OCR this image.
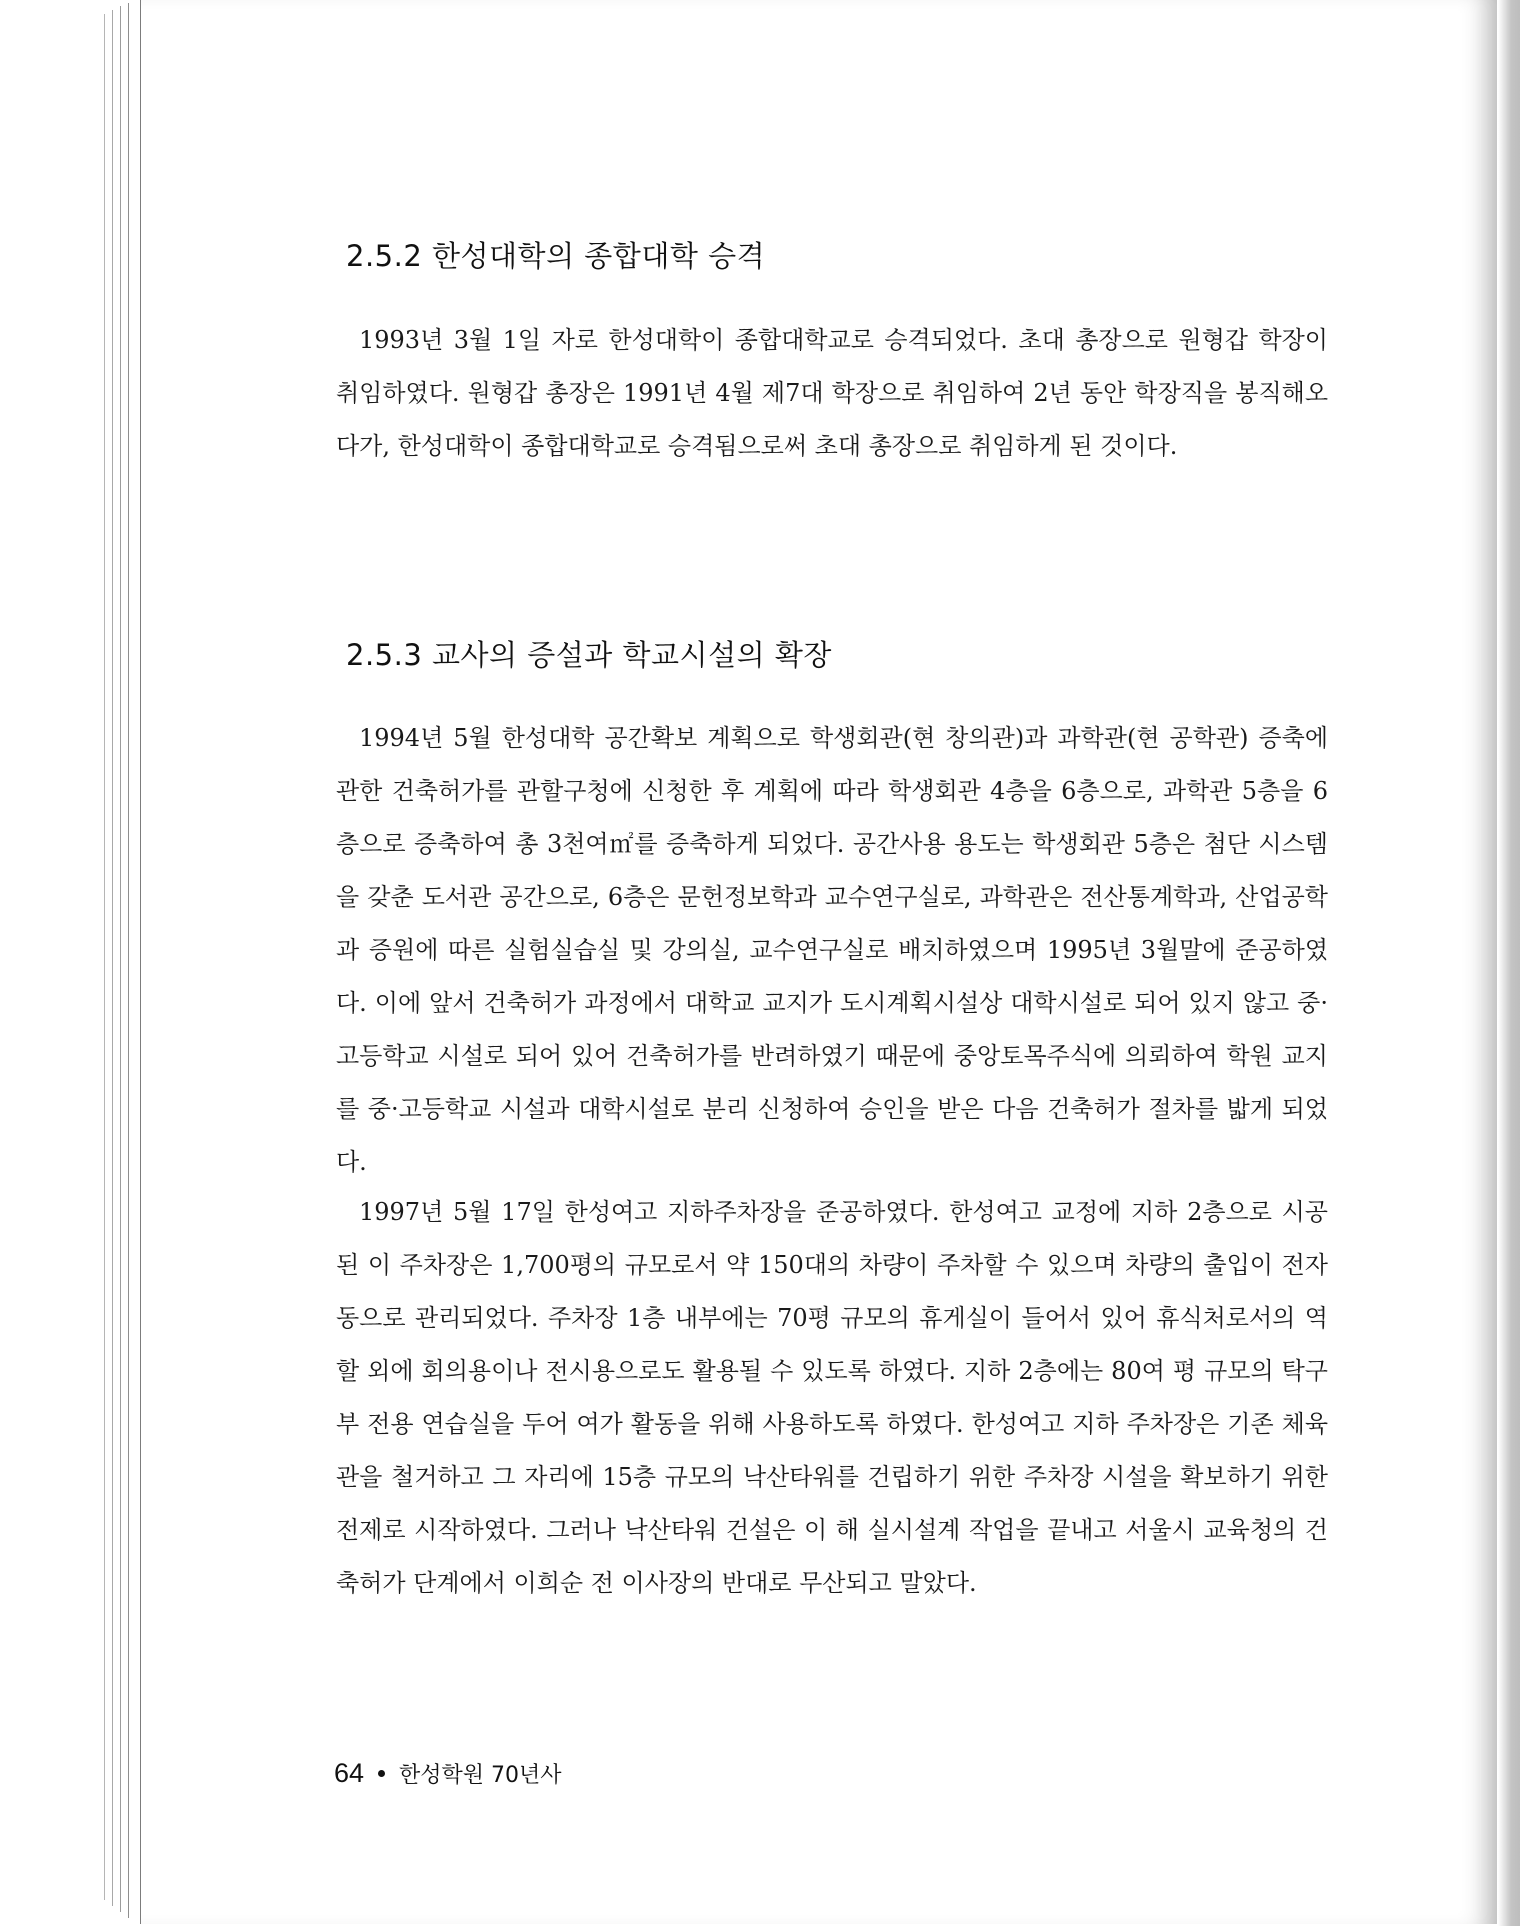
2.5.2 한성대학의 종합대학 승격

1993년 3월 1일 자로 한성대학이 종합대학교로 승격되었다. 초대 총장으로 원형갑 학장이 취임하였다. 원형갑 총장은 1991년 4월 제7대 학장으로 취임하여 2년 동안 학장직을 봉직해오다가, 한성대학이 종합대학교로 승격됨으로써 초대 총장으로 취임하게 된 것이다.

2.5.3 교사의 증설과 학교시설의 확장

1994년 5월 한성대학 공간확보 계획으로 학생회관(현 창의관)과 과학관(현 공학관) 증축에 관한 건축허가를 관할구청에 신청한 후 계획에 따라 학생회관 4층을 6층으로, 과학관 5층을 6층으로 증축하여 총 3천여㎡를 증축하게 되었다. 공간사용 용도는 학생회관 5층은 첨단 시스템을 갖춘 도서관 공간으로, 6층은 문헌정보학과 교수연구실로, 과학관은 전산통계학과, 산업공학과 증원에 따른 실험실습실 및 강의실, 교수연구실로 배치하였으며 1995년 3월말에 준공하였다. 이에 앞서 건축허가 과정에서 대학교 교지가 도시계획시설상 대학시설로 되어 있지 않고 중·고등학교 시설로 되어 있어 건축허가를 반려하였기 때문에 중앙토목주식에 의뢰하여 학원 교지를 중·고등학교 시설과 대학시설로 분리 신청하여 승인을 받은 다음 건축허가 절차를 밟게 되었다.

1997년 5월 17일 한성여고 지하주차장을 준공하였다. 한성여고 교정에 지하 2층으로 시공된 이 주차장은 1,700평의 규모로서 약 150대의 차량이 주차할 수 있으며 차량의 출입이 전자동으로 관리되었다. 주차장 1층 내부에는 70평 규모의 휴게실이 들어서 있어 휴식처로서의 역할 외에 회의용이나 전시용으로도 활용될 수 있도록 하였다. 지하 2층에는 80여 평 규모의 탁구부 전용 연습실을 두어 여가 활동을 위해 사용하도록 하였다. 한성여고 지하 주차장은 기존 체육관을 철거하고 그 자리에 15층 규모의 낙산타워를 건립하기 위한 주차장 시설을 확보하기 위한 전제로 시작하였다. 그러나 낙산타워 건설은 이 해 실시설계 작업을 끝내고 서울시 교육청의 건축허가 단계에서 이희순 전 이사장의 반대로 무산되고 말았다.

64 한성학원 70년사
